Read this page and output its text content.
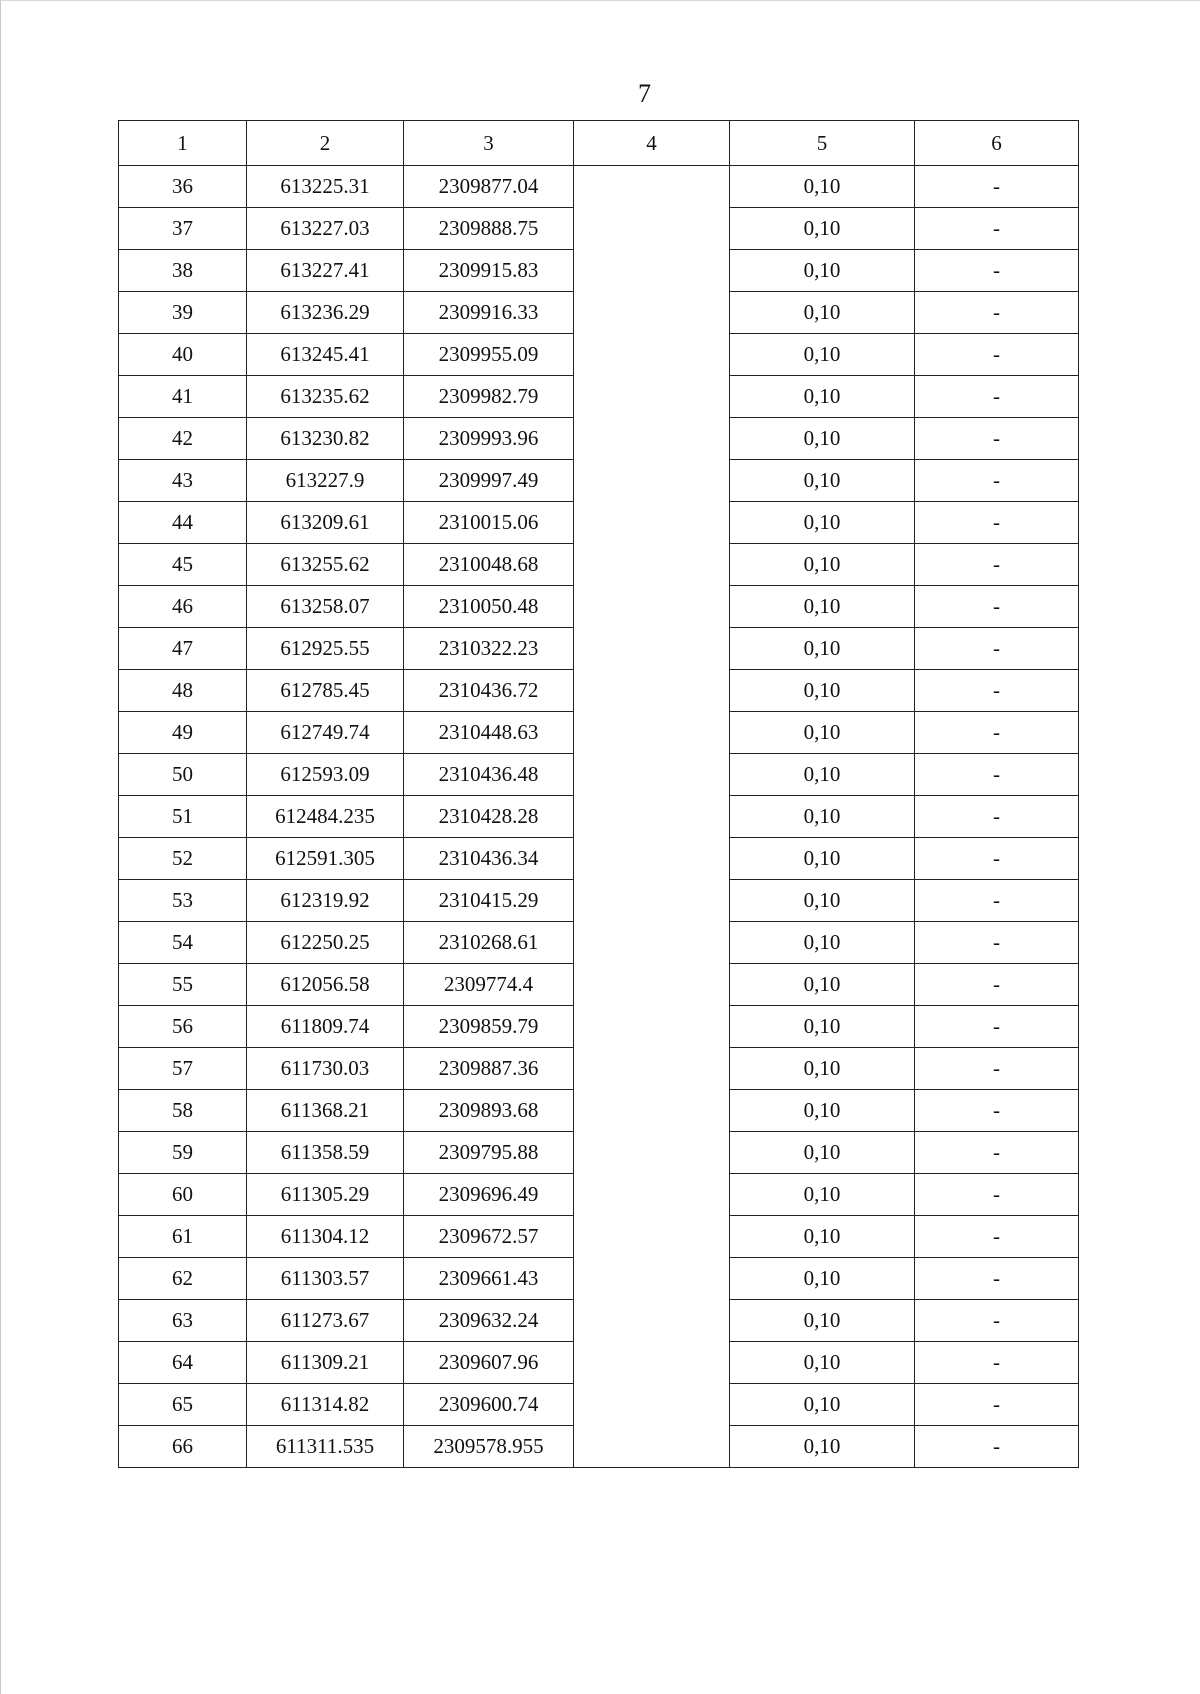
7
1	2	3	4	5	6
36	613225.31	2309877.04		0,10	-
37	613227.03	2309888.75		0,10	-
38	613227.41	2309915.83		0,10	-
39	613236.29	2309916.33		0,10	-
40	613245.41	2309955.09		0,10	-
41	613235.62	2309982.79		0,10	-
42	613230.82	2309993.96		0,10	-
43	613227.9	2309997.49		0,10	-
44	613209.61	2310015.06		0,10	-
45	613255.62	2310048.68		0,10	-
46	613258.07	2310050.48		0,10	-
47	612925.55	2310322.23		0,10	-
48	612785.45	2310436.72		0,10	-
49	612749.74	2310448.63		0,10	-
50	612593.09	2310436.48		0,10	-
51	612484.235	2310428.28		0,10	-
52	612591.305	2310436.34		0,10	-
53	612319.92	2310415.29		0,10	-
54	612250.25	2310268.61		0,10	-
55	612056.58	2309774.4		0,10	-
56	611809.74	2309859.79		0,10	-
57	611730.03	2309887.36		0,10	-
58	611368.21	2309893.68		0,10	-
59	611358.59	2309795.88		0,10	-
60	611305.29	2309696.49		0,10	-
61	611304.12	2309672.57		0,10	-
62	611303.57	2309661.43		0,10	-
63	611273.67	2309632.24		0,10	-
64	611309.21	2309607.96		0,10	-
65	611314.82	2309600.74		0,10	-
66	611311.535	2309578.955		0,10	-
